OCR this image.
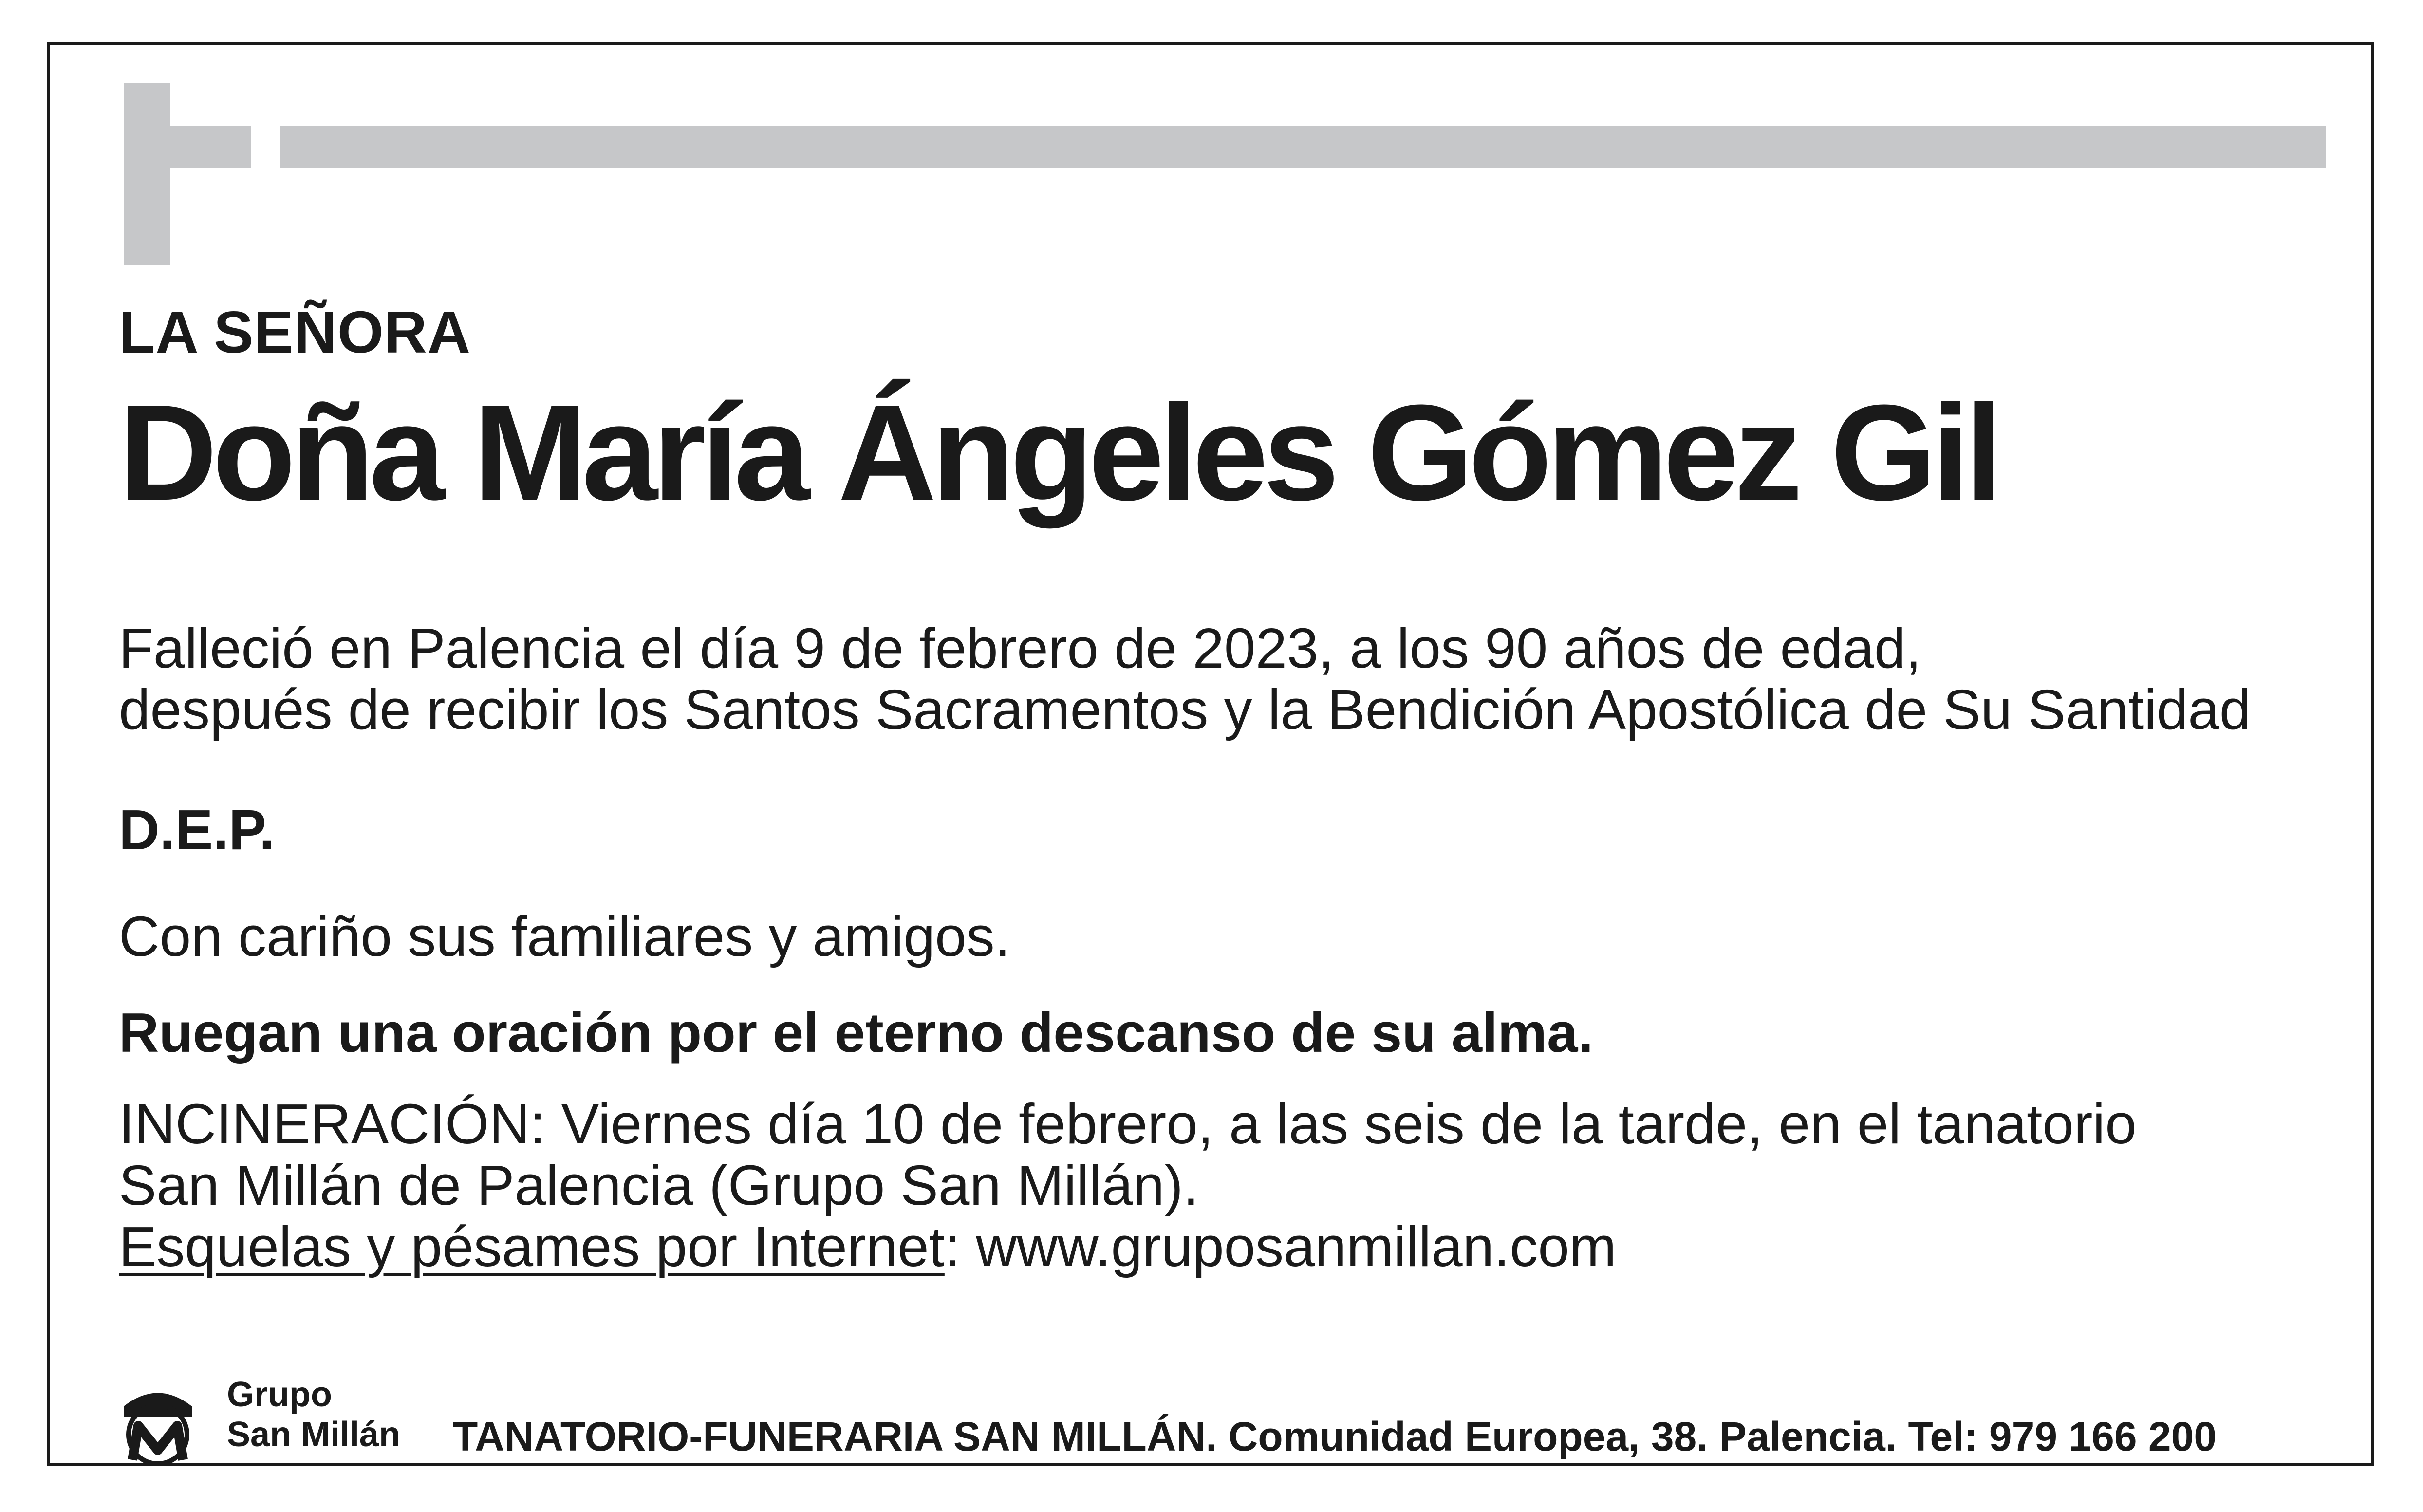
LA SEÑORA

Doña María Ángeles Gómez Gil

Falleció en Palencia el día 9 de febrero de 2023, a los 90 años de edad,

después de recibir los Santos Sacramentos y la Bendición Apostólica de Su Santidad

D.E.P.

Con cariño sus familiares y amigos.

Ruegan una oración por el eterno descanso de su alma.

INCINERACIÓN: Viernes día 10 de febrero, a las seis de la tarde, en el tanatorio

San Millán de Palencia (Grupo San Millán).

Esquelas y pésames por Internet: www.gruposanmillan.com

Grupo
San Millán TANATORIO-FUNERARIA SAN MILLÁN. Comunidad Europea, 38. Palencia. Tel: 979 166 200
